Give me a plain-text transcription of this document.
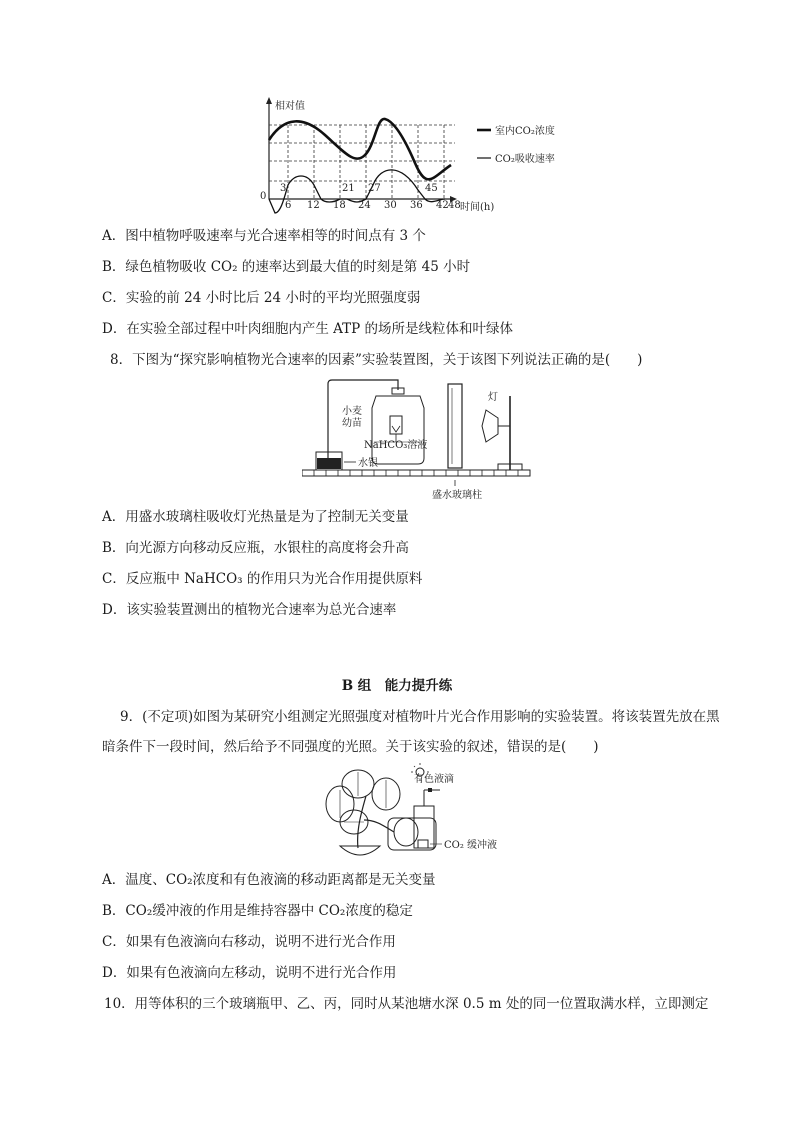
相对值
时间(h)
0
6 12 18 24 30 36 42 48
3	21 27	45
室内CO₂浓度
CO₂吸收速率
A．图中植物呼吸速率与光合速率相等的时间点有 3 个
B．绿色植物吸收 CO₂ 的速率达到最大值的时刻是第 45 小时
C．实验的前 24 小时比后 24 小时的平均光照强度弱
D．在实验全部过程中叶肉细胞内产生 ATP 的场所是线粒体和叶绿体
8．下图为“探究影响植物光合速率的因素”实验装置图，关于该图下列说法正确的是(　　)
水银
小麦
幼苗
NaHCO₃溶液
盛水玻璃柱
灯
A．用盛水玻璃柱吸收灯光热量是为了控制无关变量
B．向光源方向移动反应瓶，水银柱的高度将会升高
C．反应瓶中 NaHCO₃ 的作用只为光合作用提供原料
D．该实验装置测出的植物光合速率为总光合速率
B 组　能力提升练
9．(不定项)如图为某研究小组测定光照强度对植物叶片光合作用影响的实验装置。将该装置先放在黑
暗条件下一段时间，然后给予不同强度的光照。关于该实验的叙述，错误的是(　　)
有色液滴
CO₂ 缓冲液
A．温度、CO₂浓度和有色液滴的移动距离都是无关变量
B．CO₂缓冲液的作用是维持容器中 CO₂浓度的稳定
C．如果有色液滴向右移动，说明不进行光合作用
D．如果有色液滴向左移动，说明不进行光合作用
10．用等体积的三个玻璃瓶甲、乙、丙，同时从某池塘水深 0.5 m 处的同一位置取满水样，立即测定
